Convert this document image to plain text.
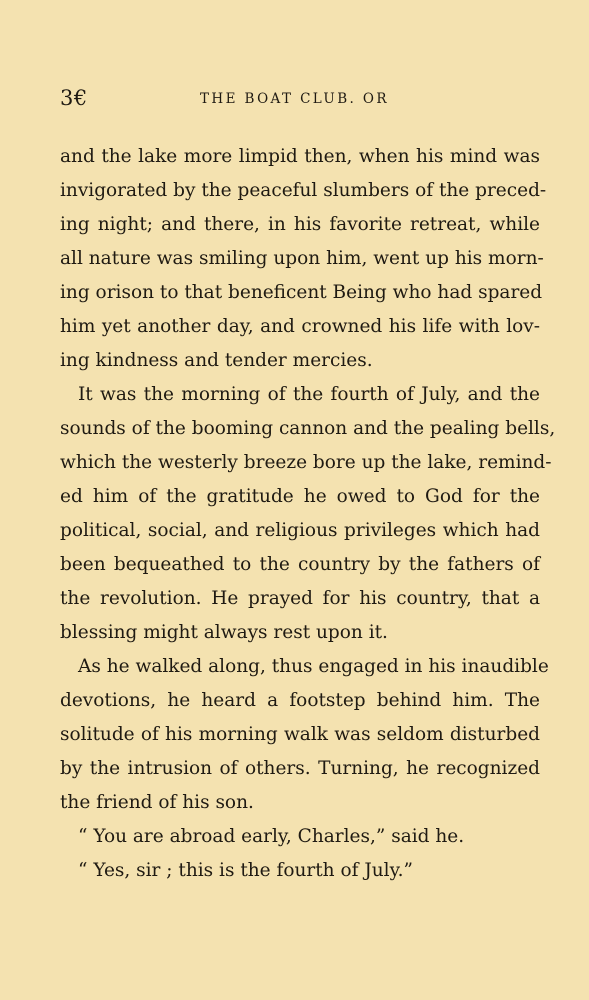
3€	THE BOAT CLUB. OR
and the lake more limpid then, when his mind was
invigorated by the peaceful slumbers of the preced-
ing night; and there, in his favorite retreat, while
all nature was smiling upon him, went up his morn-
ing orison to that beneficent Being who had spared
him yet another day, and crowned his life with lov-
ing kindness and tender mercies.
It was the morning of the fourth of July, and the
sounds of the booming cannon and the pealing bells,
which the westerly breeze bore up the lake, remind-
ed him of the gratitude he owed to God for the
political, social, and religious privileges which had
been bequeathed to the country by the fathers of
the revolution. He prayed for his country, that a
blessing might always rest upon it.
As he walked along, thus engaged in his inaudible
devotions, he heard a footstep behind him. The
solitude of his morning walk was seldom disturbed
by the intrusion of others. Turning, he recognized
the friend of his son.
“ You are abroad early, Charles,” said he.
“ Yes, sir ; this is the fourth of July.”
